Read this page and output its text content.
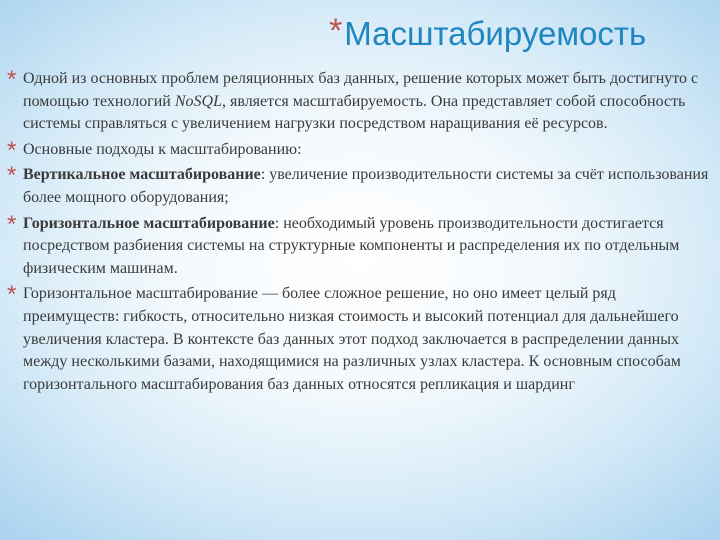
* Масштабируемость
* Одной из основных проблем реляционных баз данных, решение которых может быть достигнуто с помощью технологий NoSQL, является масштабируемость. Она представляет собой способность системы справляться с увеличением нагрузки посредством наращивания её ресурсов.
* Основные подходы к масштабированию:
* Вертикальное масштабирование: увеличение производительности системы за счёт использования более мощного оборудования;
* Горизонтальное масштабирование: необходимый уровень производительности достигается посредством разбиения системы на структурные компоненты и распределения их по отдельным физическим машинам.
* Горизонтальное масштабирование — более сложное решение, но оно имеет целый ряд преимуществ: гибкость, относительно низкая стоимость и высокий потенциал для дальнейшего увеличения кластера. В контексте баз данных этот подход заключается в распределении данных между несколькими базами, находящимися на различных узлах кластера. К основным способам горизонтального масштабирования баз данных относятся репликация и шардинг
